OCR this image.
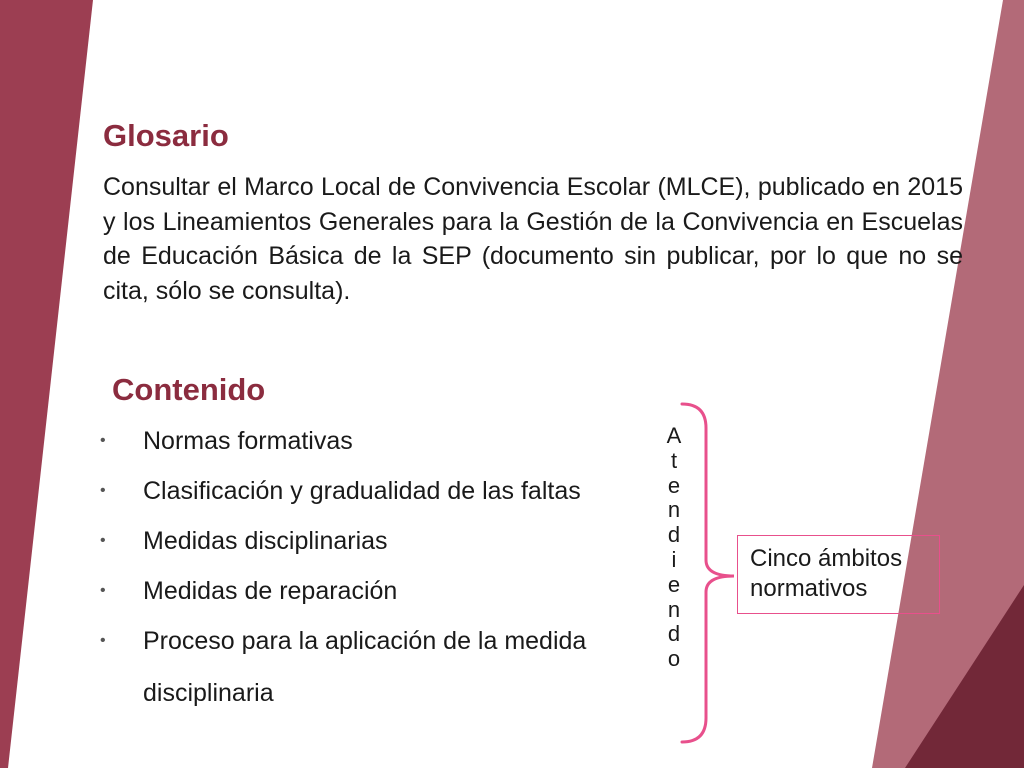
Glosario

Consultar el Marco Local de Convivencia Escolar (MLCE), publicado en 2015 y los Lineamientos Generales para la Gestión de la Convivencia en Escuelas de Educación Básica de la SEP (documento sin publicar, por lo que no se cita, sólo se consulta).

Contenido
• Normas formativas
• Clasificación y gradualidad de las faltas
• Medidas disciplinarias
• Medidas de reparación
• Proceso para la aplicación de la medida disciplinaria
A
t
e
n
d
i
e
n
d
o
Cinco ámbitos normativos
